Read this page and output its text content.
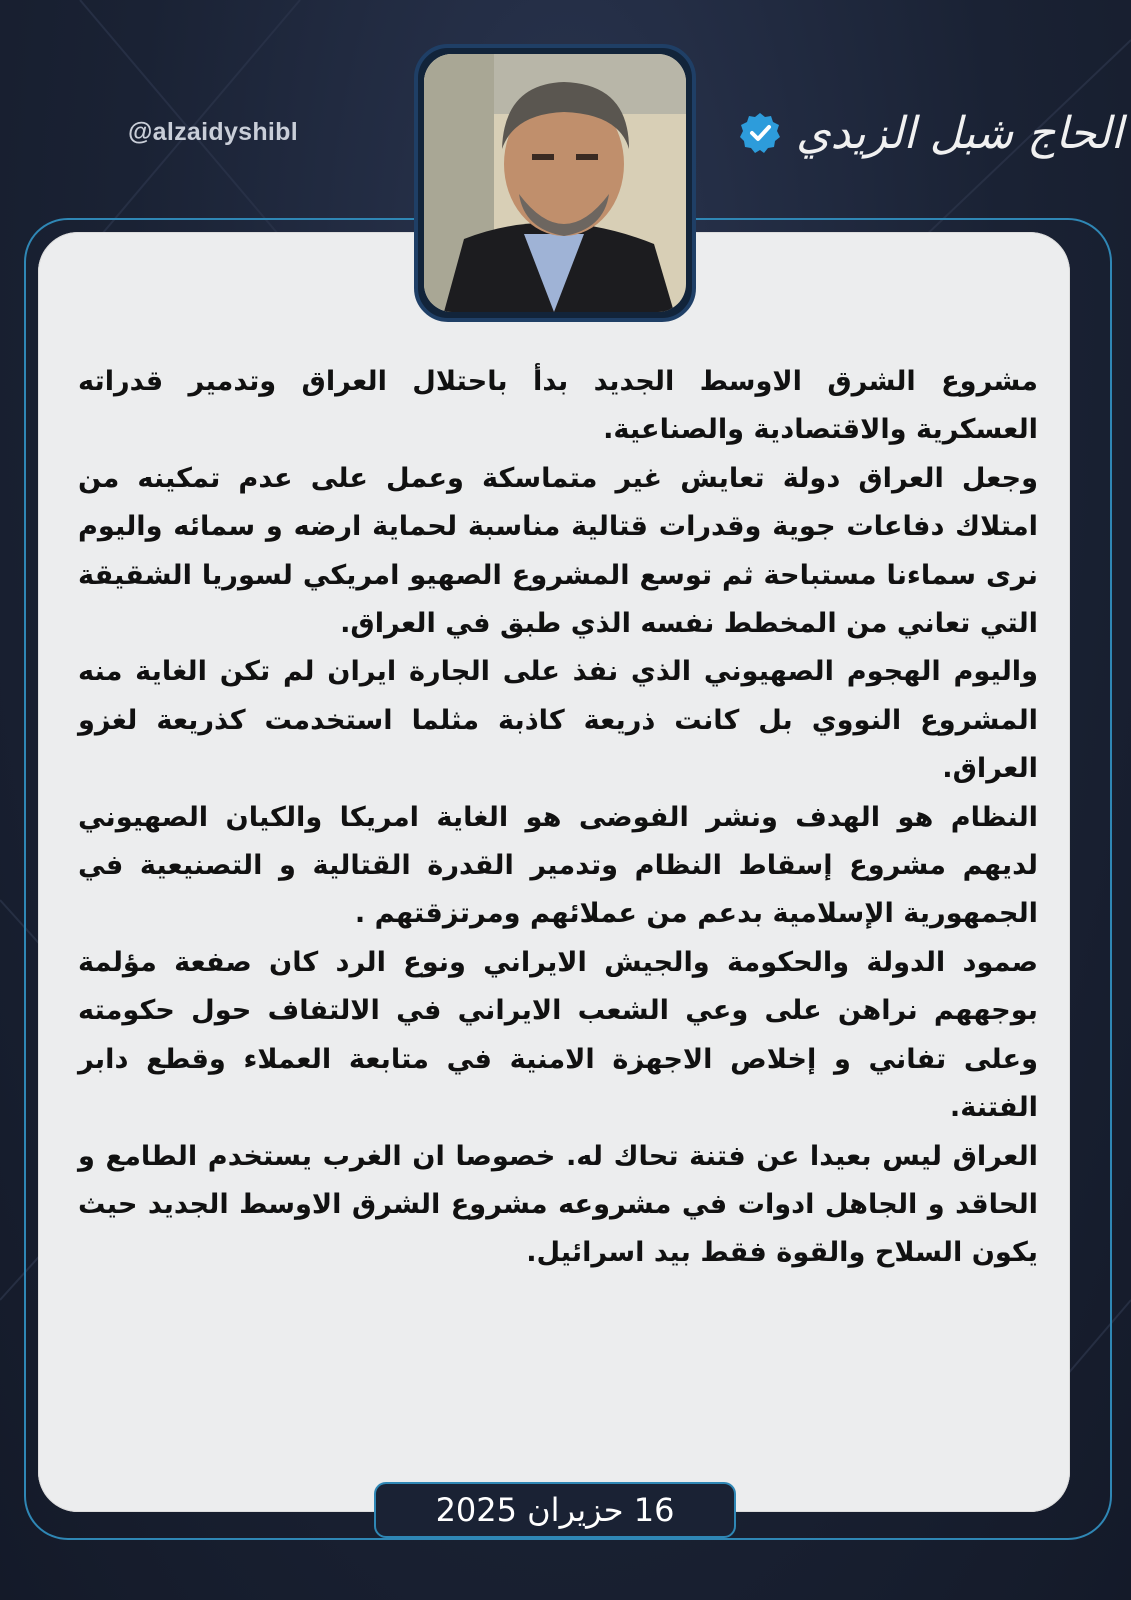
@alzaidyshibl	الحاج شبل الزيدي

مشروع الشرق الاوسط الجديد بدأ باحتلال العراق وتدمير قدراته العسكرية والاقتصادية والصناعية.

وجعل العراق دولة تعايش غير متماسكة وعمل على عدم تمكينه من امتلاك دفاعات جوية وقدرات قتالية مناسبة لحماية ارضه و سمائه واليوم نرى سماءنا مستباحة ثم توسع المشروع الصهيو امريكي لسوريا الشقيقة التي تعاني من المخطط نفسه الذي طبق في العراق.

واليوم الهجوم الصهيوني الذي نفذ على الجارة ايران لم تكن الغاية منه المشروع النووي بل كانت ذريعة كاذبة مثلما استخدمت كذريعة لغزو العراق.

النظام هو الهدف ونشر الفوضى هو الغاية امريكا والكيان الصهيوني لديهم مشروع إسقاط النظام وتدمير القدرة القتالية و التصنيعية في الجمهورية الإسلامية بدعم من عملائهم ومرتزقتهم .

صمود الدولة والحكومة والجيش الايراني ونوع الرد كان صفعة مؤلمة بوجههم نراهن على وعي الشعب الايراني في الالتفاف حول حكومته وعلى تفاني و إخلاص الاجهزة الامنية في متابعة العملاء وقطع دابر الفتنة.

العراق ليس بعيدا عن فتنة تحاك له. خصوصا ان الغرب يستخدم الطامع و الحاقد و الجاهل ادوات في مشروعه مشروع الشرق الاوسط الجديد حيث يكون السلاح والقوة فقط بيد اسرائيل.

16 حزيران 2025
